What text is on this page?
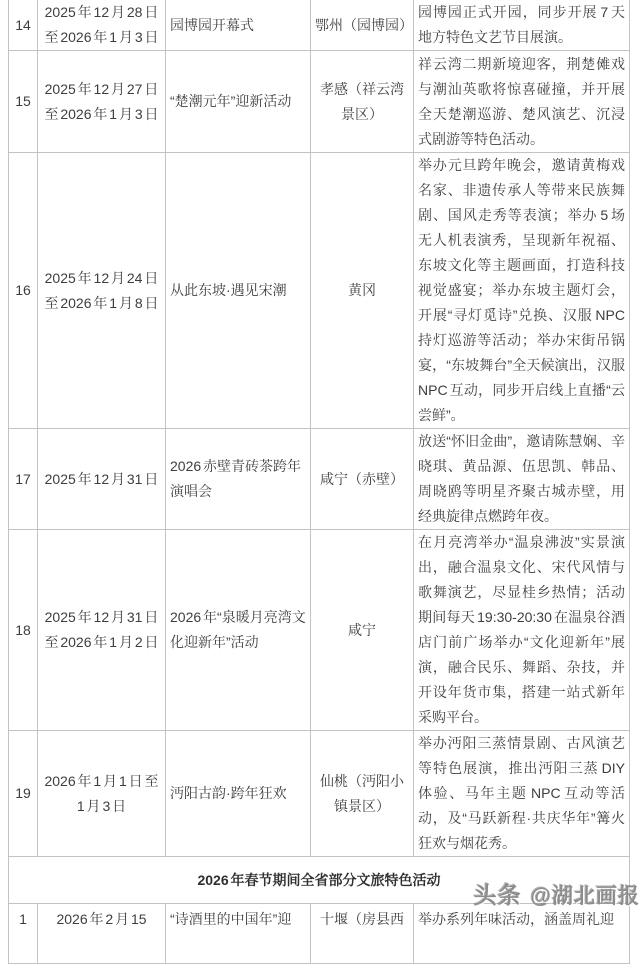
14	2025 年 12 月 28 日 至 2026 年 1 月 3 日	园博园开幕式	鄂州（园博园）	园博园正式开园，同步开展 7 天地方特色文艺节目展演。
15	2025 年 12 月 27 日 至 2026 年 1 月 3 日	“楚潮元年”迎新活动	孝感（祥云湾景区）	祥云湾二期新境迎客，荆楚傩戏与潮汕英歌将惊喜碰撞，并开展全天楚潮巡游、楚风演艺、沉浸式剧游等特色活动。
16	2025 年 12 月 24 日至 2026 年 1 月 8 日	从此东坡·遇见宋潮	黄冈	举办元旦跨年晚会，邀请黄梅戏名家、非遗传承人等带来民族舞剧、国风走秀等表演；举办 5 场无人机表演秀，呈现新年祝福、东坡文化等主题画面，打造科技视觉盛宴；举办东坡主题灯会，开展“寻灯觅诗”兑换、汉服 NPC 持灯巡游等活动；举办宋街吊锅宴，“东坡舞台”全天候演出，汉服 NPC 互动，同步开启线上直播“云尝鲜”。
17	2025 年 12 月 31 日	2026 赤壁青砖茶跨年演唱会	咸宁（赤壁）	放送“怀旧金曲”，邀请陈慧娴、辛晓琪、黄品源、伍思凯、韩品、周晓鸥等明星齐聚古城赤壁，用经典旋律点燃跨年夜。
18	2025 年 12 月 31 日至 2026 年 1 月 2 日	2026 年“泉暖月亮湾文化迎新年”活动	咸宁	在月亮湾举办“温泉沸波”实景演出，融合温泉文化、宋代风情与歌舞演艺，尽显桂乡热情；活动期间每天 19:30-20:30 在温泉谷酒店门前广场举办“文化迎新年”展演，融合民乐、舞蹈、杂技，并开设年货市集，搭建一站式新年采购平台。
19	2026 年 1 月 1 日 至 1 月 3 日	沔阳古韵·跨年狂欢	仙桃（沔阳小镇景区）	举办沔阳三蒸情景剧、古风演艺等特色展演，推出沔阳三蒸 DIY 体验、马年主题 NPC 互动等活动，及“马跃新程·共庆华年”篝火狂欢与烟花秀。
2026 年春节期间全省部分文旅特色活动				
1	2026 年 2 月 15	“诗酒里的中国年”迎	十堰（房县西	举办系列年味活动，涵盖周礼迎
头条 @湖北画报
